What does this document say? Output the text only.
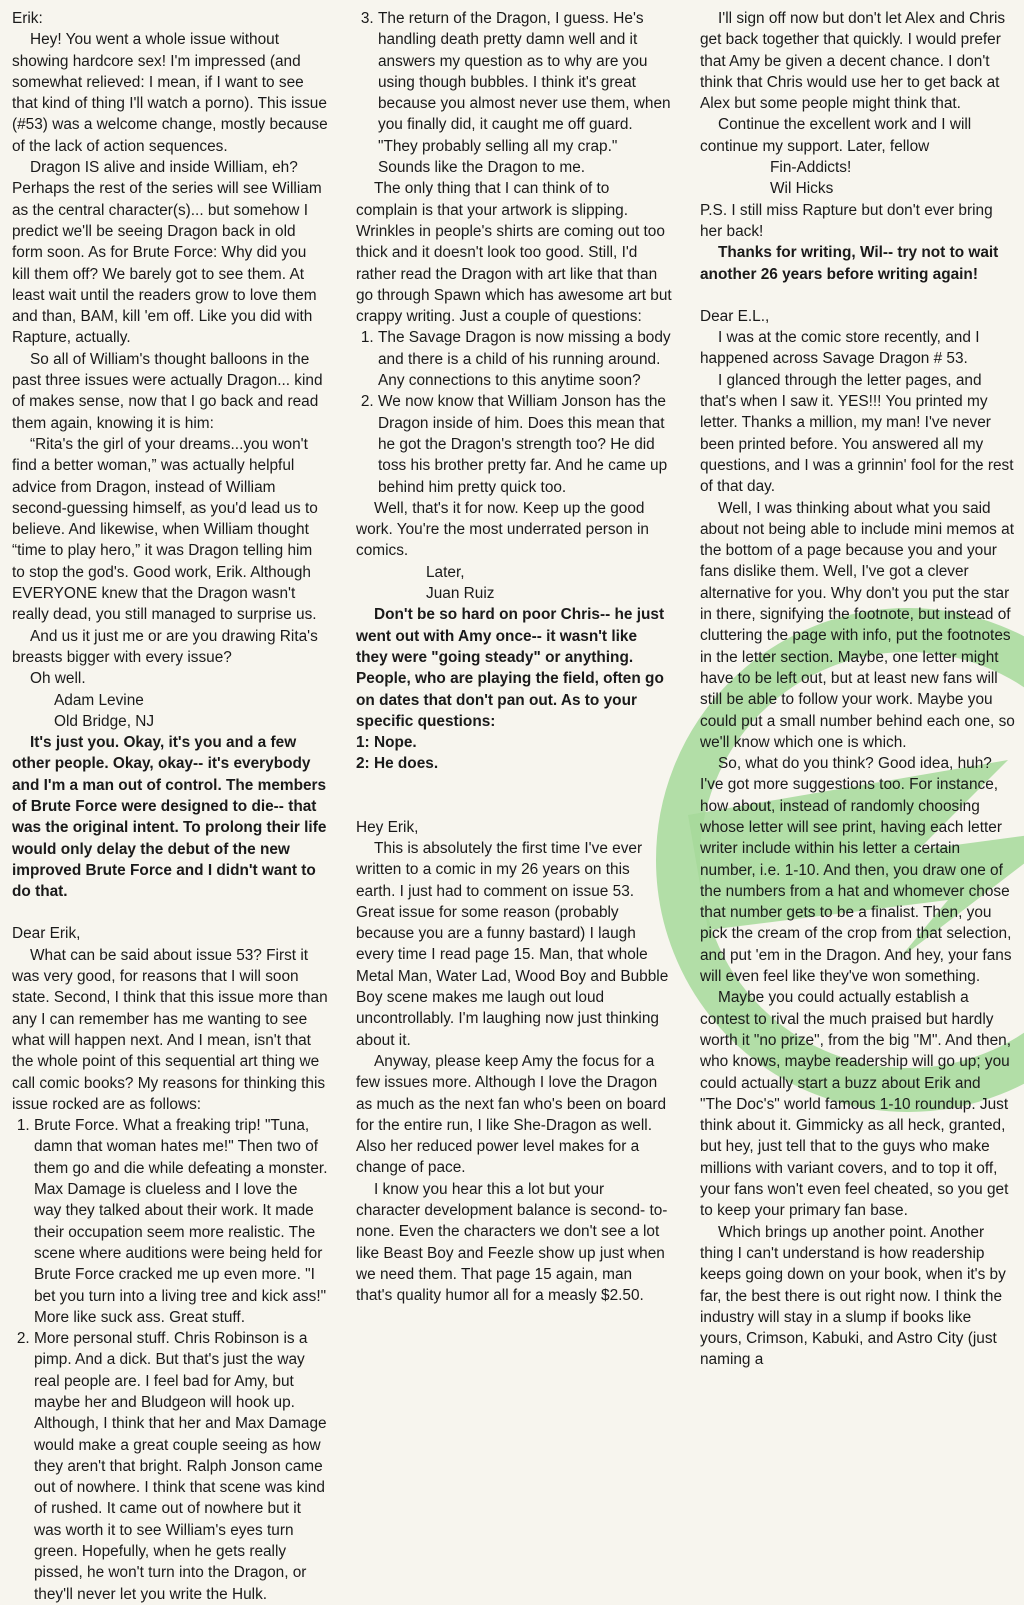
Erik:

Hey! You went a whole issue without showing hardcore sex! I'm impressed (and somewhat relieved: I mean, if I want to see that kind of thing I'll watch a porno). This issue (#53) was a welcome change, mostly because of the lack of action sequences.

Dragon IS alive and inside William, eh? Perhaps the rest of the series will see William as the central character(s)... but somehow I predict we'll be seeing Dragon back in old form soon. As for Brute Force: Why did you kill them off? We barely got to see them. At least wait until the readers grow to love them and than, BAM, kill 'em off. Like you did with Rapture, actually.

So all of William's thought balloons in the past three issues were actually Dragon... kind of makes sense, now that I go back and read them again, knowing it is him:

“Rita's the girl of your dreams...you won't find a better woman,” was actually helpful advice from Dragon, instead of William second-guessing himself, as you'd lead us to believe. And likewise, when William thought “time to play hero,” it was Dragon telling him to stop the god's. Good work, Erik. Although EVERYONE knew that the Dragon wasn't really dead, you still managed to surprise us.

And us it just me or are you drawing Rita's breasts bigger with every issue?

Oh well.

Adam Levine

Old Bridge, NJ

It's just you. Okay, it's you and a few other people. Okay, okay-- it's everybody and I'm a man out of control. The members of Brute Force were designed to die-- that was the original intent. To prolong their life would only delay the debut of the new improved Brute Force and I didn't want to do that.

Dear Erik,

What can be said about issue 53? First it was very good, for reasons that I will soon state. Second, I think that this issue more than any I can remember has me wanting to see what will happen next. And I mean, isn't that the whole point of this sequential art thing we call comic books? My reasons for thinking this issue rocked are as follows:

1. Brute Force. What a freaking trip! "Tuna, damn that woman hates me!" Then two of them go and die while defeating a monster. Max Damage is clueless and I love the way they talked about their work. It made their occupation seem more realistic. The scene where auditions were being held for Brute Force cracked me up even more. "I bet you turn into a living tree and kick ass!" More like suck ass. Great stuff.
2. More personal stuff. Chris Robinson is a pimp. And a dick. But that's just the way real people are. I feel bad for Amy, but maybe her and Bludgeon will hook up. Although, I think that her and Max Damage would make a great couple seeing as how they aren't that bright. Ralph Jonson came out of nowhere. I think that scene was kind of rushed. It came out of nowhere but it was worth it to see William's eyes turn green. Hopefully, when he gets really pissed, he won't turn into the Dragon, or they'll never let you write the Hulk.
3. The return of the Dragon, I guess. He's handling death pretty damn well and it answers my question as to why are you using though bubbles. I think it's great because you almost never use them, when you finally did, it caught me off guard. "They probably selling all my crap." Sounds like the Dragon to me.

The only thing that I can think of to complain is that your artwork is slipping. Wrinkles in people's shirts are coming out too thick and it doesn't look too good. Still, I'd rather read the Dragon with art like that than go through Spawn which has awesome art but crappy writing. Just a couple of questions:

1. The Savage Dragon is now missing a body and there is a child of his running around. Any connections to this anytime soon?
2. We now know that William Jonson has the Dragon inside of him. Does this mean that he got the Dragon's strength too? He did toss his brother pretty far. And he came up behind him pretty quick too.

Well, that's it for now. Keep up the good work. You're the most underrated person in comics.

Later,

Juan Ruiz

Don't be so hard on poor Chris-- he just went out with Amy once-- it wasn't like they were "going steady" or anything. People, who are playing the field, often go on dates that don't pan out. As to your specific questions:

1: Nope.

2: He does.

Hey Erik,

This is absolutely the first time I've ever written to a comic in my 26 years on this earth. I just had to comment on issue 53. Great issue for some reason (probably because you are a funny bastard) I laugh every time I read page 15. Man, that whole Metal Man, Water Lad, Wood Boy and Bubble Boy scene makes me laugh out loud uncontrollably. I'm laughing now just thinking about it.

Anyway, please keep Amy the focus for a few issues more. Although I love the Dragon as much as the next fan who's been on board for the entire run, I like She-Dragon as well. Also her reduced power level makes for a change of pace.

I know you hear this a lot but your character development balance is second- to-none. Even the characters we don't see a lot like Beast Boy and Feezle show up just when we need them. That page 15 again, man that's quality humor all for a measly $2.50.

I'll sign off now but don't let Alex and Chris get back together that quickly. I would prefer that Amy be given a decent chance. I don't think that Chris would use her to get back at Alex but some people might think that.

Continue the excellent work and I will continue my support. Later, fellow

Fin-Addicts!

Wil Hicks

P.S. I still miss Rapture but don't ever bring her back!

Thanks for writing, Wil-- try not to wait another 26 years before writing again!

Dear E.L.,

I was at the comic store recently, and I happened across Savage Dragon # 53.

I glanced through the letter pages, and that's when I saw it. YES!!! You printed my letter. Thanks a million, my man! I've never been printed before. You answered all my questions, and I was a grinnin' fool for the rest of that day.

Well, I was thinking about what you said about not being able to include mini memos at the bottom of a page because you and your fans dislike them. Well, I've got a clever alternative for you. Why don't you put the star in there, signifying the footnote, but instead of cluttering the page with info, put the footnotes in the letter section. Maybe, one letter might have to be left out, but at least new fans will still be able to follow your work. Maybe you could put a small number behind each one, so we'll know which one is which.

So, what do you think? Good idea, huh? I've got more suggestions too. For instance, how about, instead of randomly choosing whose letter will see print, having each letter writer include within his letter a certain number, i.e. 1-10. And then, you draw one of the numbers from a hat and whomever chose that number gets to be a finalist. Then, you pick the cream of the crop from that selection, and put 'em in the Dragon. And hey, your fans will even feel like they've won something.

Maybe you could actually establish a contest to rival the much praised but hardly worth it "no prize", from the big "M". And then, who knows, maybe readership will go up; you could actually start a buzz about Erik and "The Doc's" world famous 1-10 roundup. Just think about it. Gimmicky as all heck, granted, but hey, just tell that to the guys who make millions with variant covers, and to top it off, your fans won't even feel cheated, so you get to keep your primary fan base.

Which brings up another point. Another thing I can't understand is how readership keeps going down on your book, when it's by far, the best there is out right now. I think the industry will stay in a slump if books like yours, Crimson, Kabuki, and Astro City (just naming a
